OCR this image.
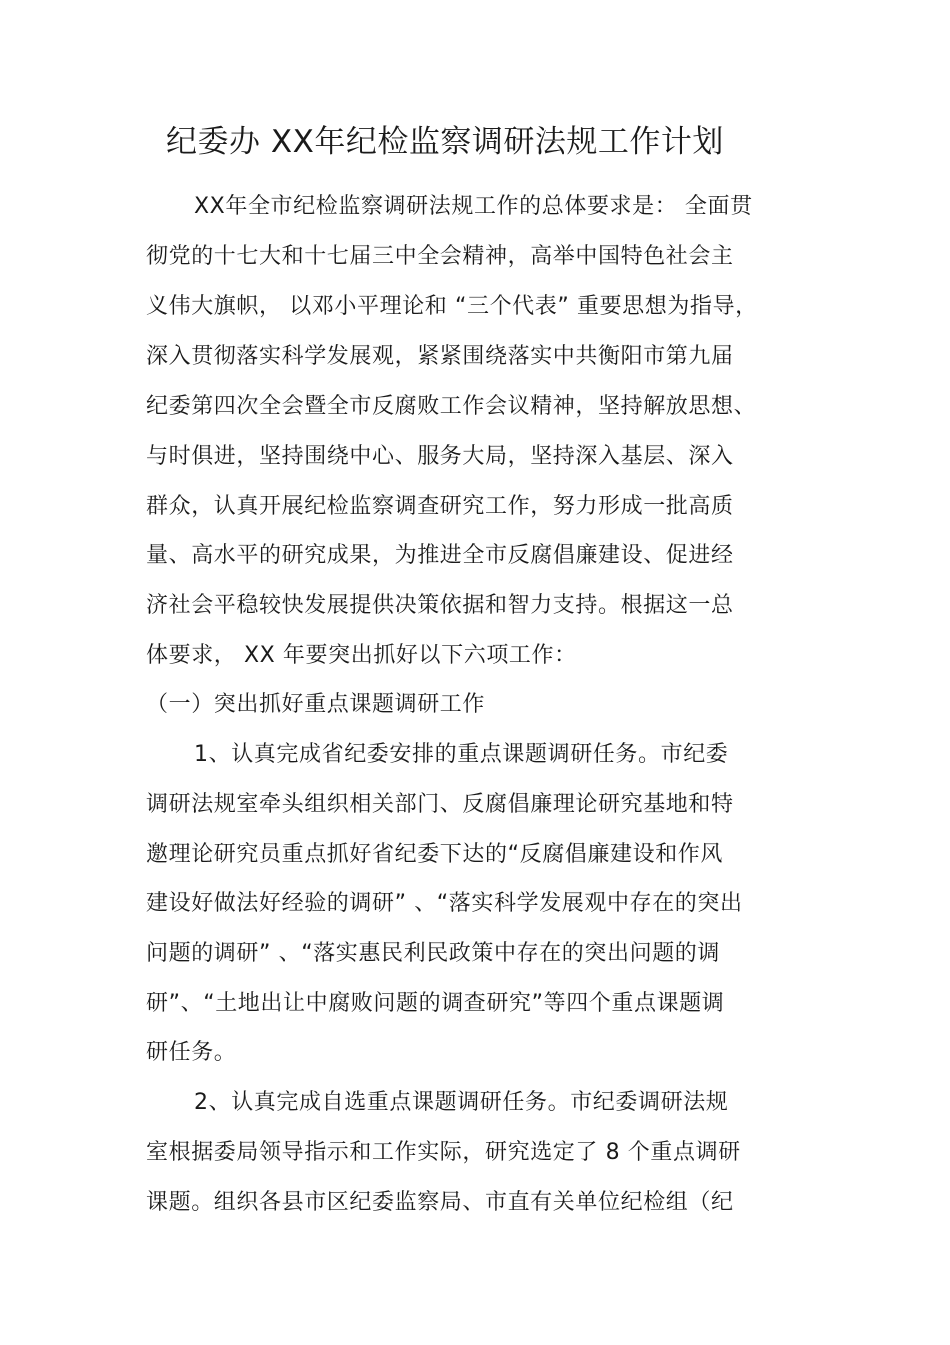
纪委办 XX年纪检监察调研法规工作计划
XX年全市纪检监察调研法规工作的总体要求是： 全面贯
彻党的十七大和十七届三中全会精神，高举中国特色社会主
义伟大旗帜， 以邓小平理论和 “三个代表” 重要思想为指导，
深入贯彻落实科学发展观，紧紧围绕落实中共衡阳市第九届
纪委第四次全会暨全市反腐败工作会议精神，坚持解放思想、
与时俱进，坚持围绕中心、服务大局，坚持深入基层、深入
群众，认真开展纪检监察调查研究工作，努力形成一批高质
量、高水平的研究成果，为推进全市反腐倡廉建设、促进经
济社会平稳较快发展提供决策依据和智力支持。根据这一总
体要求， XX 年要突出抓好以下六项工作：
（一）突出抓好重点课题调研工作
1、认真完成省纪委安排的重点课题调研任务。市纪委
调研法规室牵头组织相关部门、反腐倡廉理论研究基地和特
邀理论研究员重点抓好省纪委下达的“反腐倡廉建设和作风
建设好做法好经验的调研” 、“落实科学发展观中存在的突出
问题的调研” 、“落实惠民利民政策中存在的突出问题的调
研”、“土地出让中腐败问题的调查研究”等四个重点课题调
研任务。
2、认真完成自选重点课题调研任务。市纪委调研法规
室根据委局领导指示和工作实际，研究选定了 8 个重点调研
课题。组织各县市区纪委监察局、市直有关单位纪检组（纪
